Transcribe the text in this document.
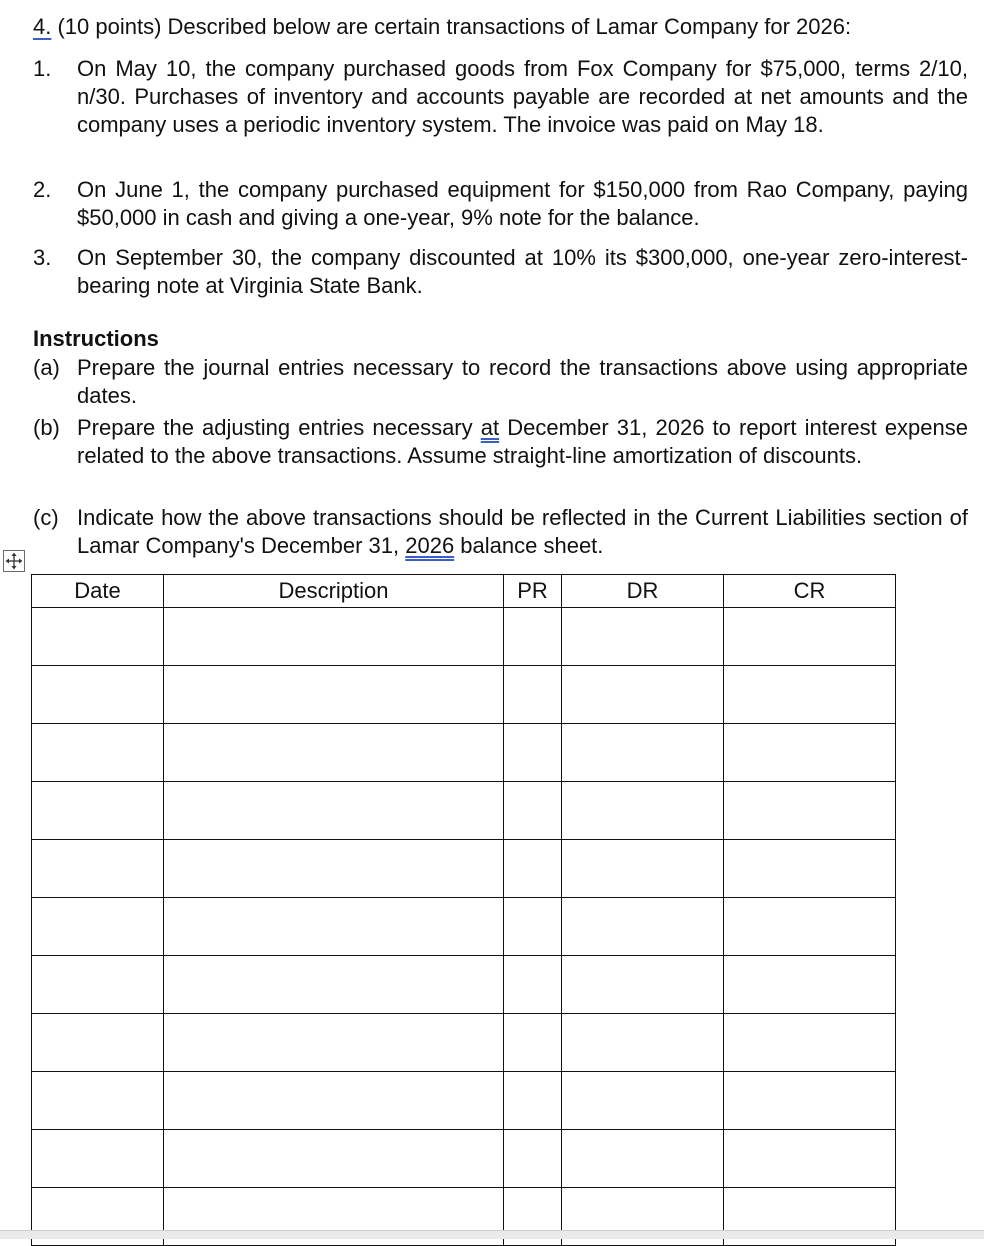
4. (10 points) Described below are certain transactions of Lamar Company for 2026:
1.	On May 10, the company purchased goods from Fox Company for $75,000, terms 2/10, n/30. Purchases of inventory and accounts payable are recorded at net amounts and the company uses a periodic inventory system. The invoice was paid on May 18.
2.	On June 1, the company purchased equipment for $150,000 from Rao Company, paying $50,000 in cash and giving a one-year, 9% note for the balance.
3.	On September 30, the company discounted at 10% its $300,000, one-year zero-interest-bearing note at Virginia State Bank.
Instructions
(a) Prepare the journal entries necessary to record the transactions above using appropriate dates.
(b) Prepare the adjusting entries necessary at December 31, 2026 to report interest expense related to the above transactions. Assume straight-line amortization of discounts.
(c) Indicate how the above transactions should be reflected in the Current Liabilities section of Lamar Company's December 31, 2026 balance sheet.
Date	Description	PR	DR	CR
